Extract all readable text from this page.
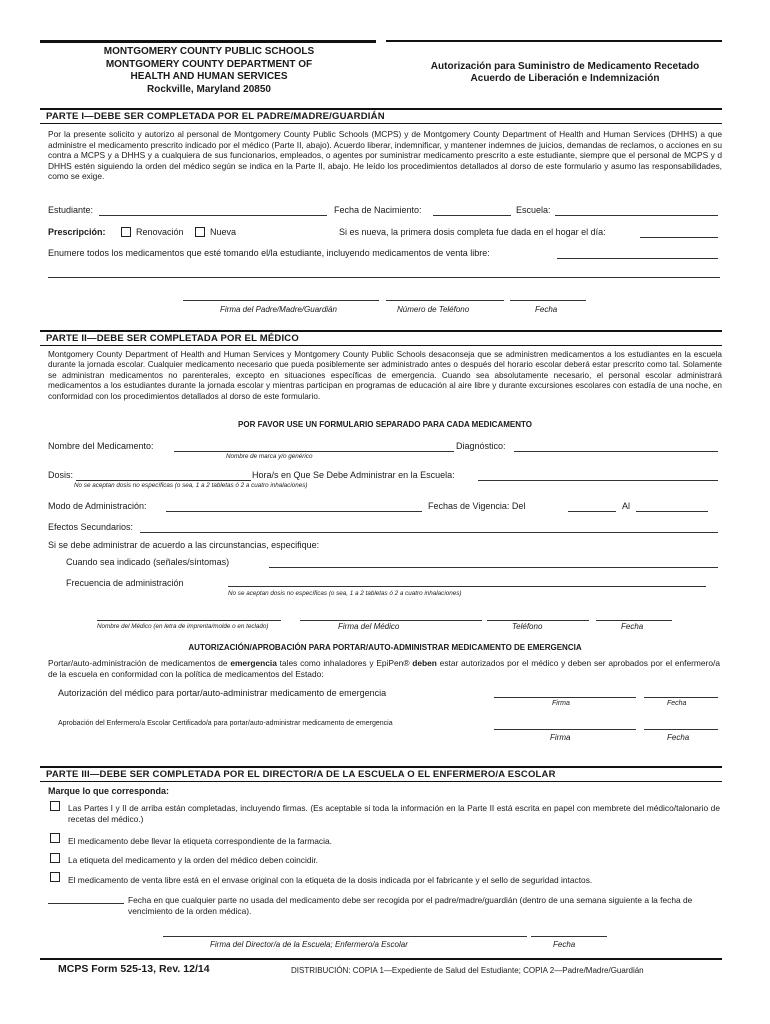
MONTGOMERY COUNTY PUBLIC SCHOOLS
MONTGOMERY COUNTY DEPARTMENT OF
HEALTH AND HUMAN SERVICES
Rockville, Maryland 20850
Autorización para Suministro de Medicamento Recetado
Acuerdo de Liberación e Indemnización
PARTE I—DEBE SER COMPLETADA POR EL PADRE/MADRE/GUARDIÁN
Por la presente solicito y autorizo al personal de Montgomery County Public Schools (MCPS) y de Montgomery County Department of Health and Human Services (DHHS) a que administre el medicamento prescrito indicado por el médico (Parte II, abajo). Acuerdo liberar, indemnificar, y mantener indemnes de juicios, demandas de reclamos, o acciones en su contra a MCPS y a DHHS y a cualquiera de sus funcionarios, empleados, o agentes por suministrar medicamento prescrito a este estudiante, siempre que el personal de MCPS y d DHHS estén siguiendo la orden del médico según se indica en la Parte II, abajo. He leído los procedimientos detallados al dorso de este formulario y asumo las responsabilidades, como se exige.
Estudiante:	Fecha de Nacimiento:	Escuela:
Prescripción:	Renovación	Nueva	Si es nueva, la primera dosis completa fue dada en el hogar el día:
Enumere todos los medicamentos que esté tomando el/la estudiante, incluyendo medicamentos de venta libre:
Firma del Padre/Madre/Guardián	Número de Teléfono	Fecha
PARTE II—DEBE SER COMPLETADA POR EL MÉDICO
Montgomery County Department of Health and Human Services y Montgomery County Public Schools desaconseja que se administren medicamentos a los estudiantes en la escuela durante la jornada escolar. Cualquier medicamento necesario que pueda posiblemente ser administrado antes o después del horario escolar deberá estar prescrito como tal. Solamente se administran medicamentos no parenterales, excepto en situaciones específicas de emergencia. Cuando sea absolutamente necesario, el personal escolar administrará medicamentos a los estudiantes durante la jornada escolar y mientras participan en programas de educación al aire libre y durante excursiones escolares con estadía de una noche, en conformidad con los procedimientos detallados al dorso de este formulario.
POR FAVOR USE UN FORMULARIO SEPARADO PARA CADA MEDICAMENTO
Nombre del Medicamento:	Diagnóstico:
Nombre de marca y/o genérico
Dosis:	Hora/s en Que Se Debe Administrar en la Escuela:
No se aceptan dosis no específicas (o sea, 1 a 2 tabletas ó 2 a cuatro inhalaciones)
Modo de Administración:	Fechas de Vigencia: Del	Al
Efectos Secundarios:
Si se debe administrar de acuerdo a las circunstancias, especifique:
Cuando sea indicado (señales/síntomas)
Frecuencia de administración
No se aceptan dosis no específicas (o sea, 1 a 2 tabletas ó 2 a cuatro inhalaciones)
Nombre del Médico (en letra de imprenta/molde o en teclado)	Firma del Médico	Teléfono	Fecha
AUTORIZACIÓN/APROBACIÓN PARA PORTAR/AUTO-ADMINISTRAR MEDICAMENTO DE EMERGENCIA
Portar/auto-administración de medicamentos de emergencia tales como inhaladores y EpiPen® deben estar autorizados por el médico y deben ser aprobados por el enfermero/a de la escuela en conformidad con la política de medicamentos del Estado:
Autorización del médico para portar/auto-administrar medicamento de emergencia
Firma	Fecha
Aprobación del Enfermero/a Escolar Certificado/a para portar/auto-administrar medicamento de emergencia
Firma	Fecha
PARTE III—DEBE SER COMPLETADA POR EL DIRECTOR/A DE LA ESCUELA O EL ENFERMERO/A ESCOLAR
Marque lo que corresponda:
Las Partes I y II de arriba están completadas, incluyendo firmas. (Es aceptable si toda la información en la Parte II está escrita en papel con membrete del médico/talonario de recetas del médico.)
El medicamento debe llevar la etiqueta correspondiente de la farmacia.
La etiqueta del medicamento y la orden del médico deben coincidir.
El medicamento de venta libre está en el envase original con la etiqueta de la dosis indicada por el fabricante y el sello de seguridad intactos.
Fecha en que cualquier parte no usada del medicamento debe ser recogida por el padre/madre/guardián (dentro de una semana siguiente a la fecha de vencimiento de la orden médica).
Firma del Director/a de la Escuela; Enfermero/a Escolar	Fecha
MCPS Form 525-13, Rev. 12/14	DISTRIBUCIÓN: COPIA 1—Expediente de Salud del Estudiante; COPIA 2—Padre/Madre/Guardián
